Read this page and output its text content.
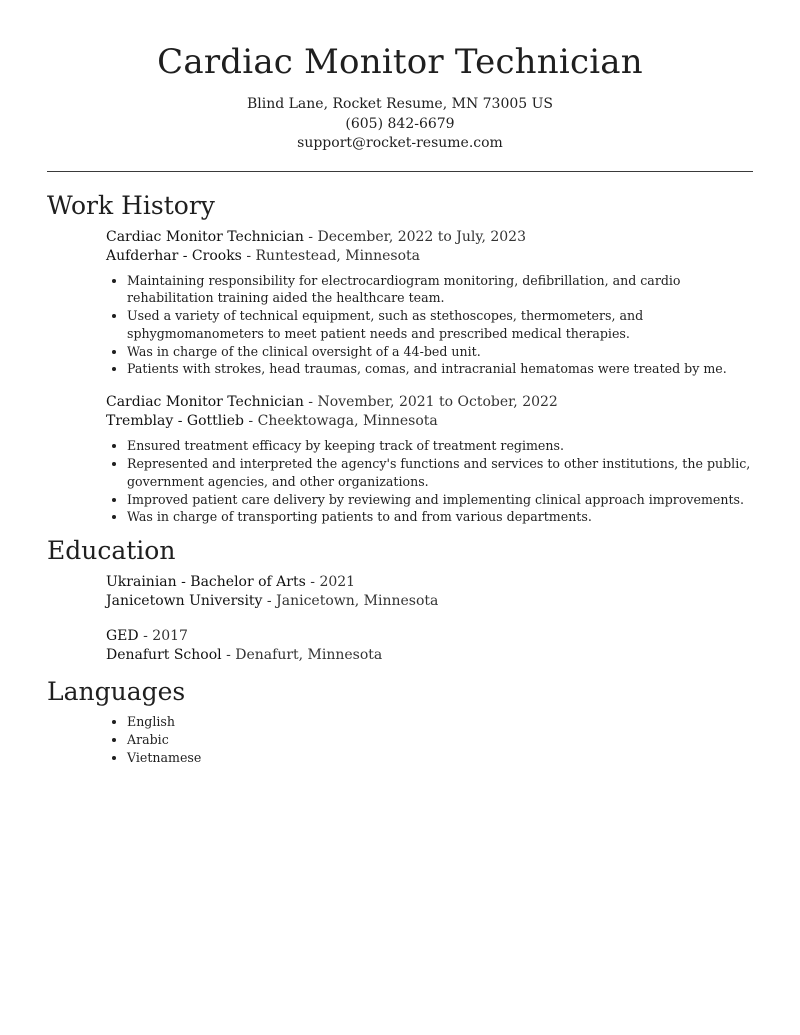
Cardiac Monitor Technician
Blind Lane, Rocket Resume, MN 73005 US
(605) 842-6679
support@rocket-resume.com
Work History
Cardiac Monitor Technician - December, 2022 to July, 2023
Aufderhar - Crooks - Runtestead, Minnesota
• Maintaining responsibility for electrocardiogram monitoring, defibrillation, and cardio rehabilitation training aided the healthcare team.
• Used a variety of technical equipment, such as stethoscopes, thermometers, and sphygmomanometers to meet patient needs and prescribed medical therapies.
• Was in charge of the clinical oversight of a 44-bed unit.
• Patients with strokes, head traumas, comas, and intracranial hematomas were treated by me.
Cardiac Monitor Technician - November, 2021 to October, 2022
Tremblay - Gottlieb - Cheektowaga, Minnesota
• Ensured treatment efficacy by keeping track of treatment regimens.
• Represented and interpreted the agency's functions and services to other institutions, the public, government agencies, and other organizations.
• Improved patient care delivery by reviewing and implementing clinical approach improvements.
• Was in charge of transporting patients to and from various departments.
Education
Ukrainian - Bachelor of Arts - 2021
Janicetown University - Janicetown, Minnesota
GED - 2017
Denafurt School - Denafurt, Minnesota
Languages
• English
• Arabic
• Vietnamese
